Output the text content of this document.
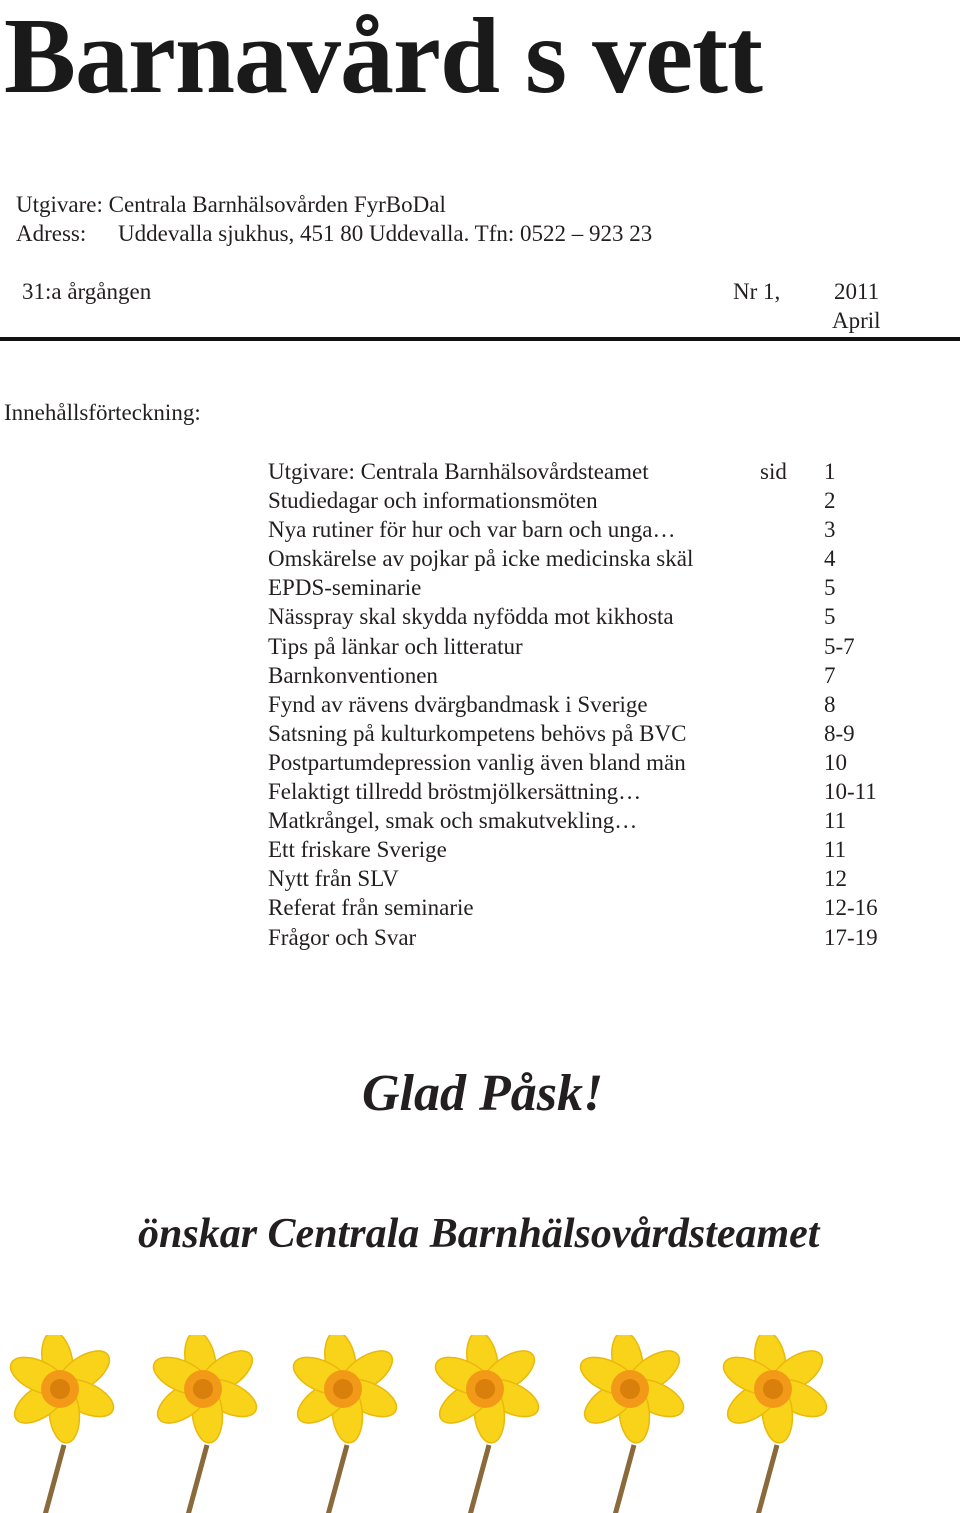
Barnavård s vett
Utgivare: Centrala Barnhälsovården FyrBoDal
Adress: Uddevalla sjukhus, 451 80 Uddevalla. Tfn: 0522 – 923 23
31:a årgången	Nr 1, 2011
April
Innehållsförteckning:
sid
Utgivare: Centrala Barnhälsovårdsteamet	1
Studiedagar och informationsmöten	2
Nya rutiner för hur och var barn och unga…	3
Omskärelse av pojkar på icke medicinska skäl	4
EPDS-seminarie	5
Nässpray skal skydda nyfödda mot kikhosta	5
Tips på länkar och litteratur	5-7
Barnkonventionen	7
Fynd av rävens dvärgbandmask i Sverige	8
Satsning på kulturkompetens behövs på BVC	8-9
Postpartumdepression vanlig även bland män	10
Felaktigt tillredd bröstmjölkersättning…	10-11
Matkrångel, smak och smakutvekling…	11
Ett friskare Sverige	11
Nytt från SLV	12
Referat från seminarie	12-16
Frågor och Svar	17-19
Glad Påsk!
önskar Centrala Barnhälsovårdsteamet
